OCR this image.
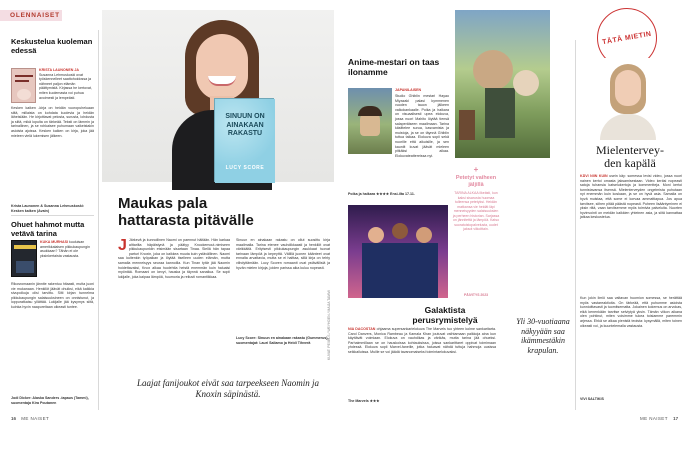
OLENNAISET
Keskustelua kuoleman edessä
KRISTA LAUNONEN JA Susanna Lehmuskoski ovat työskennelleet saattohoidossa ja nähneet paljon elämän päättymistä. Kirjassa he kertovat, miten kuolemasta voi puhua avoimesti ja lempeästi.
Kesken kaiken -kirja on heidän vuoropuheluaan siitä, millaista on kohdata kuolevia ja heidän läheisiään. He kirjoittavat pelosta, surusta, lohdusta ja siitä, mikä lopulta on tärkeää. Teksti on lämmin ja tarinallinen, ja se rohkaisee puhumaan vaikeistakin asioista ajoissa. Kesken kaiken on kirja, joka jää mieleen vielä lukemisen jälkeen.
Krista Launonen & Susanna Lehmuskoski: Kesken kaiken (Avain)
Ohuet hahmot mutta vetävä tarina
KUKA MURHASI kuuluisan amerikkalaisen pikkukaupungin asukkaan? Tähän ei ole yksinkertaista vastausta.
Rikosromaanin jännite rakentuu hitaasti, mutta juoni vie mukanaan. Henkilöt jäävät ohuiksi, eikä kaikkia sivupolkuja olisi tarvittu. Silti kirjan tunnelma pikkukaupungin salaisuuksineen on onnistunut, ja loppuratkaisu yllättää. Lukijalle jää kysymys siitä, kuinka hyvin naapureitaan oikeasti tuntee.
Jodi Dicker: Alaska Sanders -tapaus (Tammi), suomentaja Kira Poutanen
SINUUN ON AINAKAAN RAKASTU
LUCY SCORE
Maukas pala
hattarasta pitävälle
KUVAT: PEXELS / WEYHDEN / MAIJA TAMMI
J Järkevä ja kunnollinen Naomi on paennut häitään. Hän karkaa alttarilta häpäistynä ja päätyy Knockemout-nimiseen pikkukaupunkiin etsimään sisartaan Tinaa. Siellä hän tapaa parturi Knoxin, joka on kaikkea muuta kuin ystävällinen. Naomi saa kuitenkin työpaikan ja löytää itselleen uuden elämän, mutta samalla menneisyys seuraa kannoilla. Kun Tinan tytär jää Naomin hoidettavaksi, Knox alkaa huolehtia heistä enemmän kuin haluaisi myöntää. Romaani on kevyt, hauska ja täynnä sanailua. Se sopii lukijalle, joka kaipaa lämpöä, huumoria ja reilusti romantiikkaa.
Sinuun en ainakaan rakastu on ollut suosittu kirja maailmalla. Tarina etenee vauhdikkaasti ja henkilöt ovat värikkäitä. Erityisesti pikkukaupungin asukkaat tuovat tarinaan lämpöä ja kepeyttä. Välillä juonen käänteet ovat ennalta arvattavia, mutta se ei haittaa, sillä kirja on tehty viihdyttämään. Lucy Scoren romaanit ovat ystävällisiä ja hyvän mielen kirjoja, joiden parissa aika kuluu nopeasti.
Lucy Score: Sinuun en ainakaan rakastu (Gummerus), suomentajat: Lauri Saliamo ja Heidi Tihverä
Laajat fanijoukot eivät saa tarpeekseen Naomin ja Knoxin säpinästä.
Anime-mestari on taas ilonamme
JAPANILAISEN
Studio Ghiblin mestari Hayao Miyazaki palasi kymmenen vuoden tauon jälkeen valkokankaalle. Poika ja haikara on visuaalisesti upea elokuva, jossa nuori Mahito löytää tiensä salaperäiseen maailmaan. Tarina käsittelee surua, kasvamista ja muistoja, ja se on täynnä Ghiblin tuttua taikaa. Elokuva sopii sekä nuorille että aikuisille, ja sen kauniit kuvat jäävät mieleen pitkäksi aikaa. Elokuvateattereissa nyt.
Poika ja haikara ★★★★ Ensi-ilta 17.11.
+
Petetyt vaiheen jäljillä
TARINA ALKAA ilkeästi, kun kaksi sisarusta huomaa tulleensa petetyksi. Heidän matkansa vie heidät läpi menneisyyden salaisuuksien ja perheen historian. Sarjassa on jännitettä ja lämpöä. Katso suoratoistopalvelusta, uudet jaksot viikoittain.
PÄIVITYS 2023
Galaktista perusrymistelyä
NIA DACOSTAN ohjaama supersankarielokuva The Marvels tuo yhteen kolme sankaritarta. Carol Danvers, Monica Rambeau ja Kamala Khan joutuvat vaihtamaan paikkoja aina kun käyttävät voimiaan. Elokuva on vauhdikas ja värikäs, mutta tarina jää ohueksi. Parhaimmillaan se on hauskoissa kohtauksissa, joissa sankarittaret oppivat toimimaan yhdessä. Elokuva sopii Marvel-faneille, jotka haluavat nähdä tuttuja hahmoja uusissa seikkailuissa. Muille se voi jäädä tavanomaiseksi toimintaelokuvaksi.
The Marvels ★★★
TÄTÄ MIETIN
Mielentervey-
den kapälä
KÄVI NIIN KUIN usein käy: somessa levisi video, jossa nuori nainen kertoi omasta jaksamisestaan. Video keräsi nopeasti satoja tuhansia katselukertoja ja kommentteja. Moni kertoi tunnistavansa itsensä. Mielenterveyden ongelmista puhutaan nyt enemmän kuin koskaan, ja se on hyvä asia. Samalla on hyvä muistaa, että some ei korvaa ammattiapua. Jos apua tarvitsee, siihen pitää päästä nopeasti. Puheen lisääntyminen ei yksin riitä, vaan tarvitsemme myös toimivia palveluita. Nuorten hyvinvointi on meidän kaikkien yhteinen asia, ja siitä kannattaa jatkaa keskustelua.
Yli 30-vuotiaana näkyyään saa ikämmestäkin krapulan.
Kun jokin ilmiö saa valtavan huomion somessa, se herättää myös vastareaktioita. On tärkeää, että puhumme asioista kunnioittavasti ja tuomitsematta. Jokainen kokemus on arvokas, eikä kenenkään tarvitse selviytyä yksin. Tämän viikon aikana olen pohtinut, miten voisimme tukea toisiamme paremmin arjessa. Ehkä se alkaa pienistä teoista: kysymällä, miten toinen oikeasti voi, ja kuuntelemalla vastausta.
VIVI SALTIKIS
16 ME NAISET	ME NAISET 17
